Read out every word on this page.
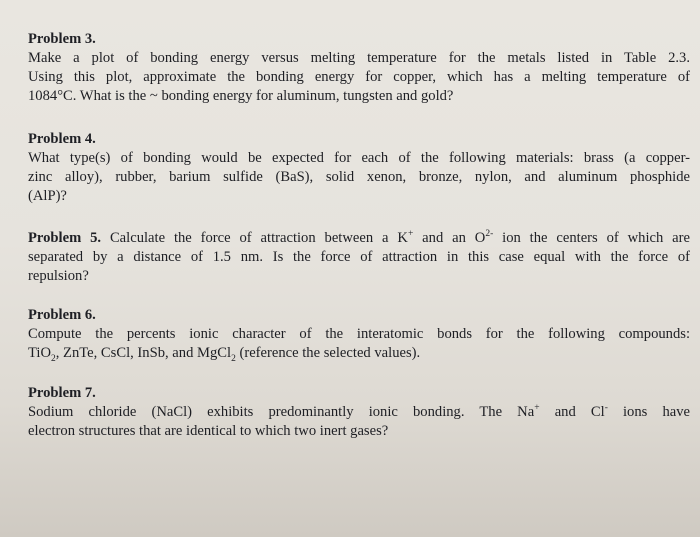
Problem 3.

Make a plot of bonding energy versus melting temperature for the metals listed in Table 2.3.

Using this plot, approximate the bonding energy for copper, which has a melting temperature of

1084°C. What is the ~ bonding energy for aluminum, tungsten and gold?

Problem 4.

What type(s) of bonding would be expected for each of the following materials: brass (a copper-

zinc alloy), rubber, barium sulfide (BaS), solid xenon, bronze, nylon, and aluminum phosphide

(AlP)?

Problem 5. Calculate the force of attraction between a K+ and an $O^{2-}$ ion the centers of which are

separated by a distance of 1.5 nm. Is the force of attraction in this case equal with the force of

repulsion?

Problem 6.

Compute the percents ionic character of the interatomic bonds for the following compounds:

TiO$_2$, ZnTe, CsCl, InSb, and MgCl$_2$ (reference the selected values).

Problem 7.

Sodium chloride (NaCl) exhibits predominantly ionic bonding. The Na+ and Cl- ions have

electron structures that are identical to which two inert gases?
